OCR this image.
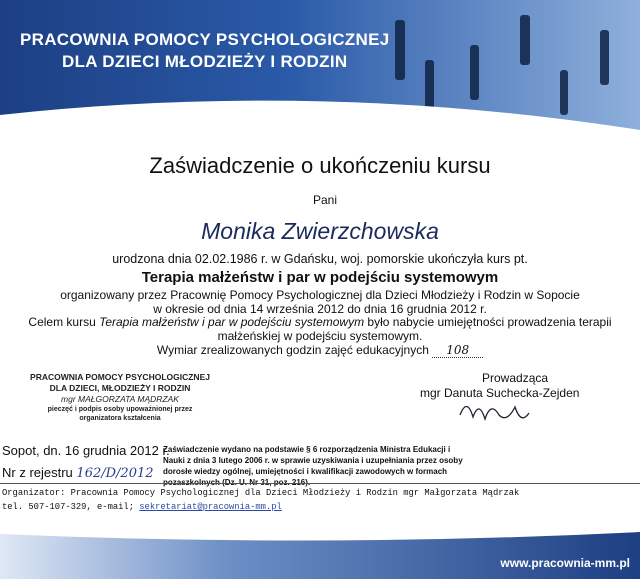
PRACOWNIA POMOCY PSYCHOLOGICZNEJ
DLA DZIECI MŁODZIEŻY I RODZIN
Zaświadczenie o ukończeniu kursu
Pani
Monika Zwierzchowska
urodzona dnia 02.02.1986 r. w Gdańsku, woj. pomorskie ukończyła kurs pt.
Terapia małżeństw i par w podejściu systemowym
organizowany przez Pracownię Pomocy Psychologicznej dla Dzieci Młodzieży i Rodzin w Sopocie
w okresie od dnia 14 września 2012 do dnia 16 grudnia 2012 r.
Celem kursu Terapia małżeństw i par w podejściu systemowym było nabycie umiejętności prowadzenia terapii
małżeńskiej w podejściu systemowym.
Wymiar zrealizowanych godzin zajęć edukacyjnych 108
Prowadząca
mgr Danuta Suchecka-Zejden
PRACOWNIA POMOCY PSYCHOLOGICZNEJ
DLA DZIECI, MŁODZIEŻY I RODZIN
mgr MAŁGORZATA MĄDRZAK
pieczęć i podpis osoby upoważnionej przez
organizatora kształcenia
Sopot, dn. 16 grudnia 2012 r.
Nr z rejestru 162/D/2012
Zaświadczenie wydano na podstawie § 6 rozporządzenia Ministra Edukacji i Nauki z dnia 3 lutego 2006 r. w sprawie uzyskiwania i uzupełniania przez osoby dorosłe wiedzy ogólnej, umiejętności i kwalifikacji zawodowych w formach pozaszkolnych (Dz. U. Nr 31, poz. 216).
Organizator: Pracownia Pomocy Psychologicznej dla Dzieci Młodzieży i Rodzin mgr Małgorzata Mądrzak
tel. 507-107-329, e-mail; sekretariat@pracownia-mm.pl
www.pracownia-mm.pl
